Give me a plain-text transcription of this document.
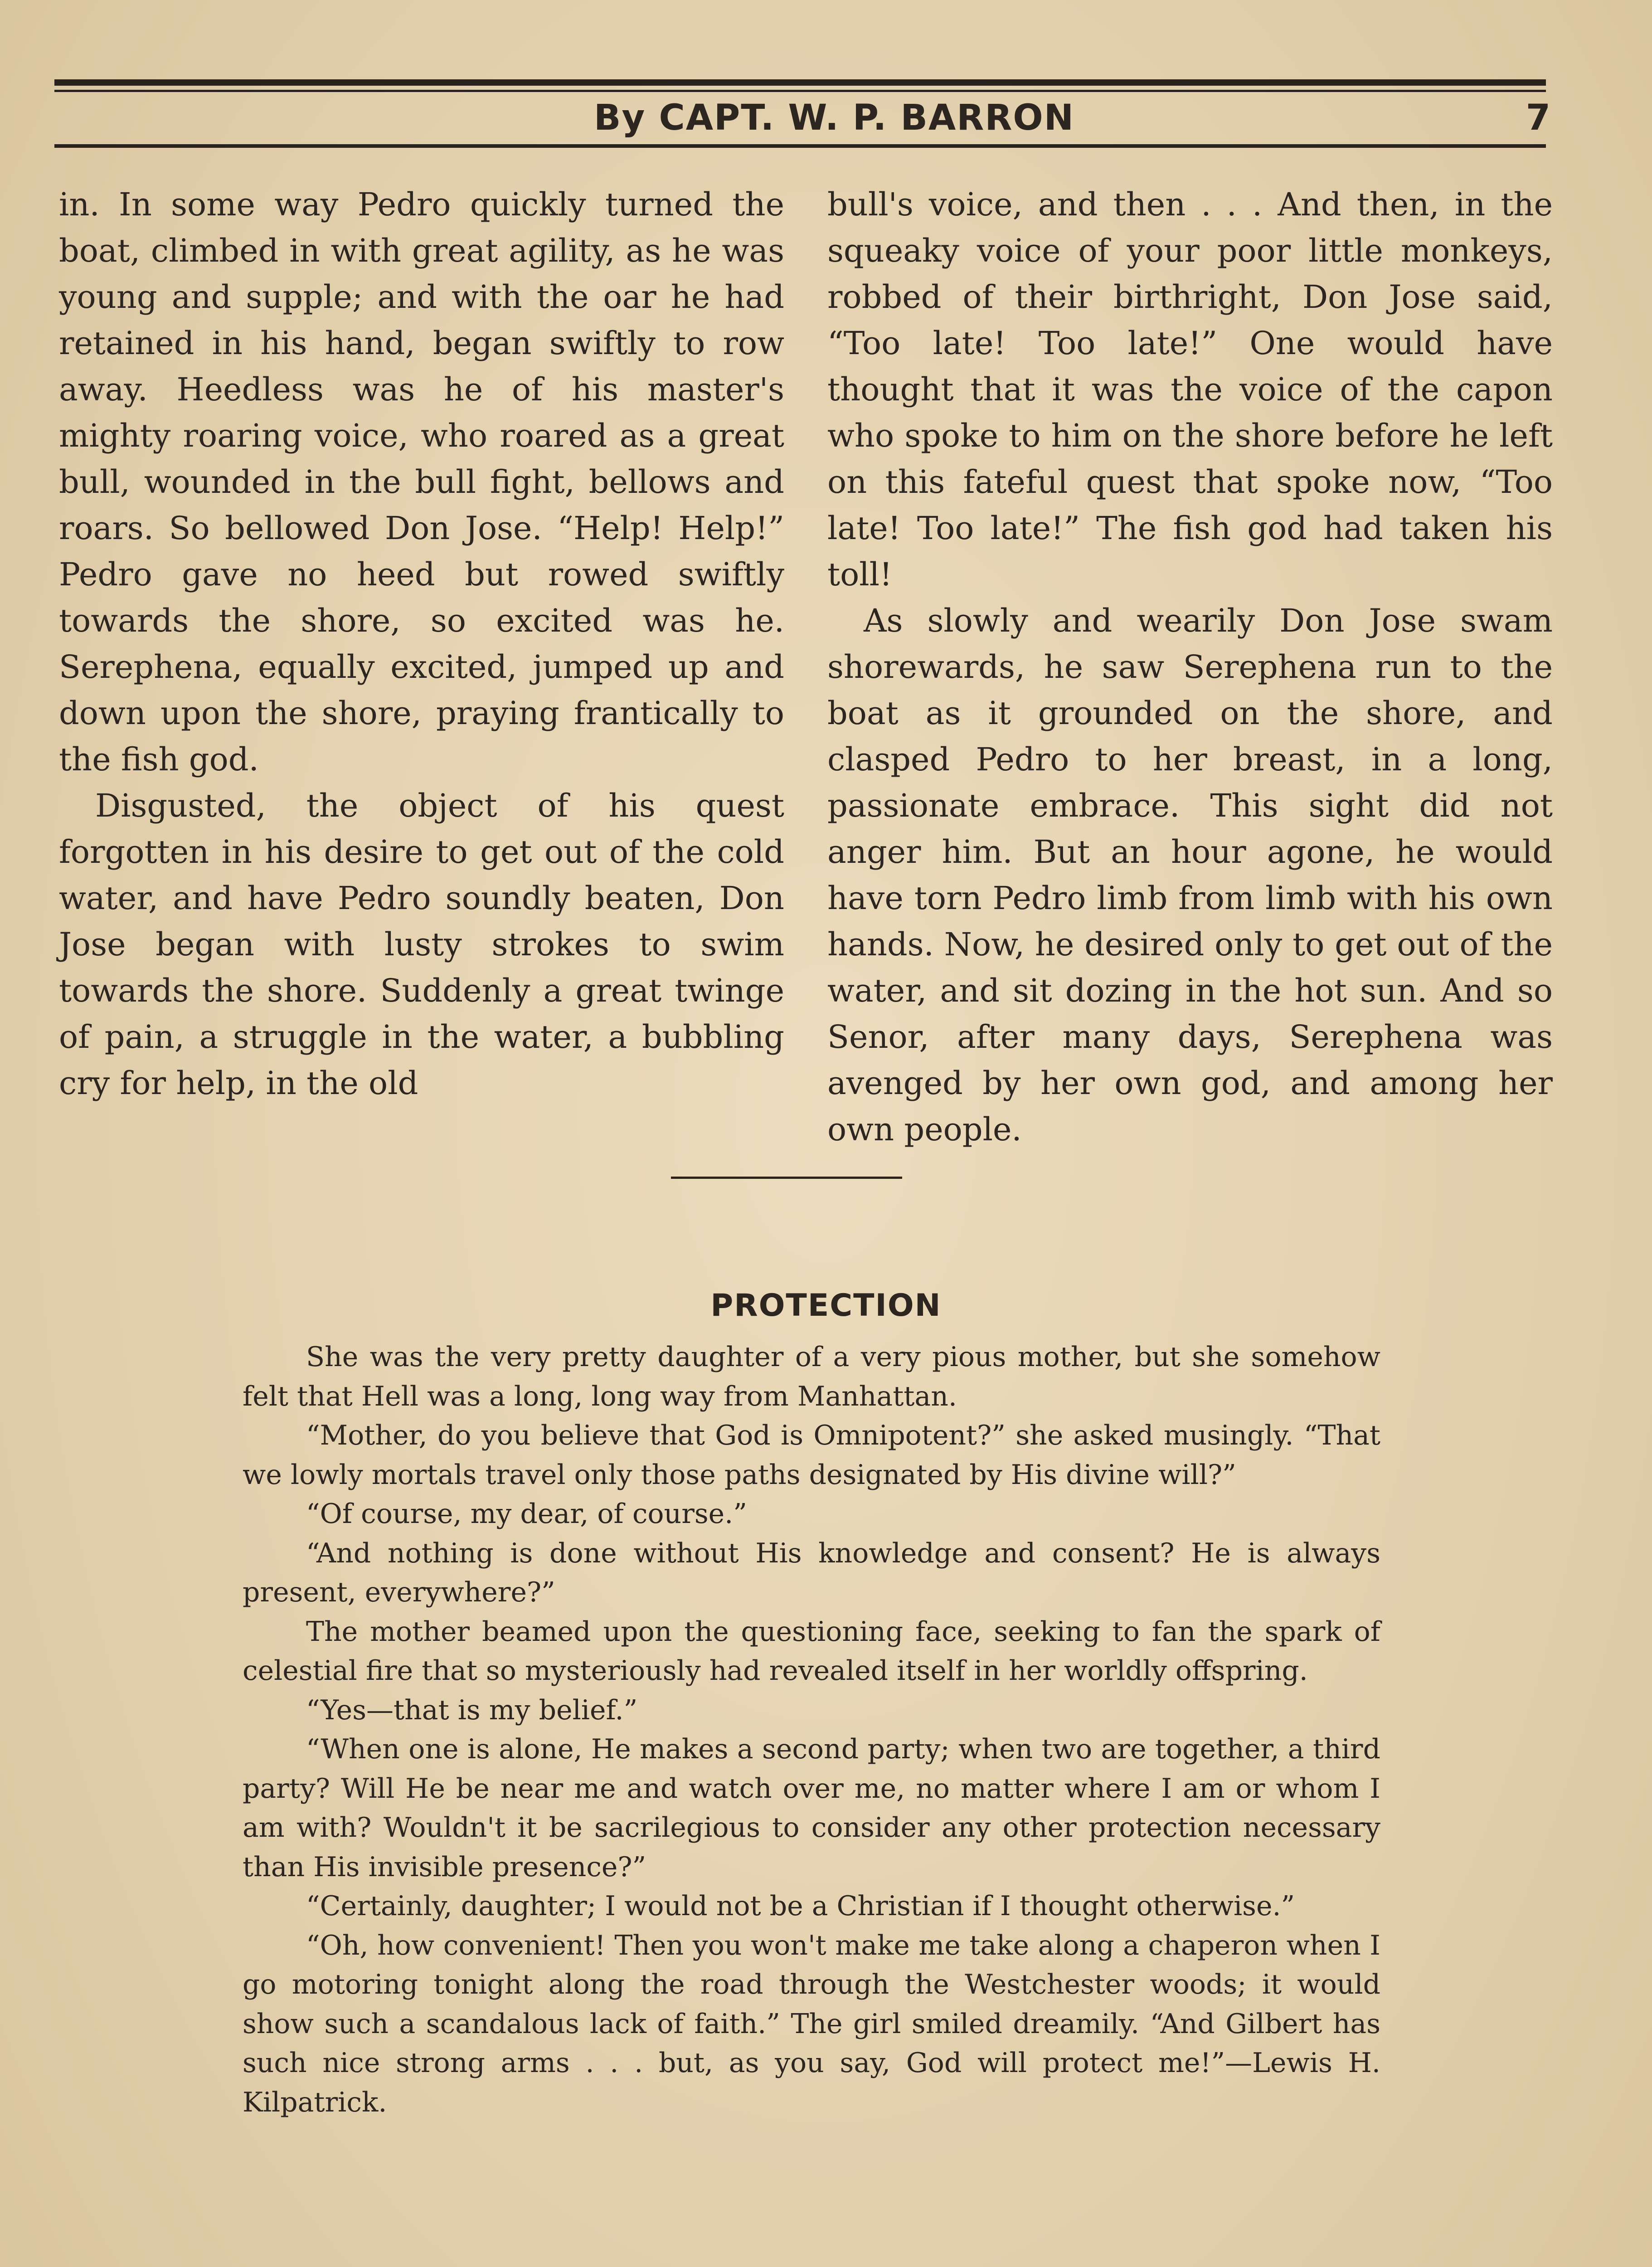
By CAPT. W. P. BARRON	7

in. In some way Pedro quickly turned the boat, climbed in with great agility, as he was young and supple; and with the oar he had retained in his hand, began swiftly to row away. Heedless was he of his master's mighty roaring voice, who roared as a great bull, wounded in the bull fight, bellows and roars. So bellowed Don Jose. “Help! Help!” Pedro gave no heed but rowed swiftly towards the shore, so excited was he. Serephena, equally excited, jumped up and down upon the shore, praying frantically to the fish god.

Disgusted, the object of his quest forgotten in his desire to get out of the cold water, and have Pedro soundly beaten, Don Jose began with lusty strokes to swim towards the shore. Suddenly a great twinge of pain, a struggle in the water, a bubbling cry for help, in the old

bull's voice, and then . . . And then, in the squeaky voice of your poor little monkeys, robbed of their birthright, Don Jose said, “Too late! Too late!” One would have thought that it was the voice of the capon who spoke to him on the shore before he left on this fateful quest that spoke now, “Too late! Too late!” The fish god had taken his toll!

As slowly and wearily Don Jose swam shorewards, he saw Serephena run to the boat as it grounded on the shore, and clasped Pedro to her breast, in a long, passionate embrace. This sight did not anger him. But an hour agone, he would have torn Pedro limb from limb with his own hands. Now, he desired only to get out of the water, and sit dozing in the hot sun. And so Senor, after many days, Serephena was avenged by her own god, and among her own people.

PROTECTION

She was the very pretty daughter of a very pious mother, but she somehow felt that Hell was a long, long way from Manhattan.

“Mother, do you believe that God is Omnipotent?” she asked musingly. “That we lowly mortals travel only those paths designated by His divine will?”

“Of course, my dear, of course.”

“And nothing is done without His knowledge and consent? He is always present, everywhere?”

The mother beamed upon the questioning face, seeking to fan the spark of celestial fire that so mysteriously had revealed itself in her worldly offspring.

“Yes—that is my belief.”

“When one is alone, He makes a second party; when two are together, a third party? Will He be near me and watch over me, no matter where I am or whom I am with? Wouldn't it be sacrilegious to consider any other protection necessary than His invisible presence?”

“Certainly, daughter; I would not be a Christian if I thought otherwise.”

“Oh, how convenient! Then you won't make me take along a chaperon when I go motoring tonight along the road through the Westchester woods; it would show such a scandalous lack of faith.” The girl smiled dreamily. “And Gilbert has such nice strong arms . . . but, as you say, God will protect me!”—Lewis H. Kilpatrick.
